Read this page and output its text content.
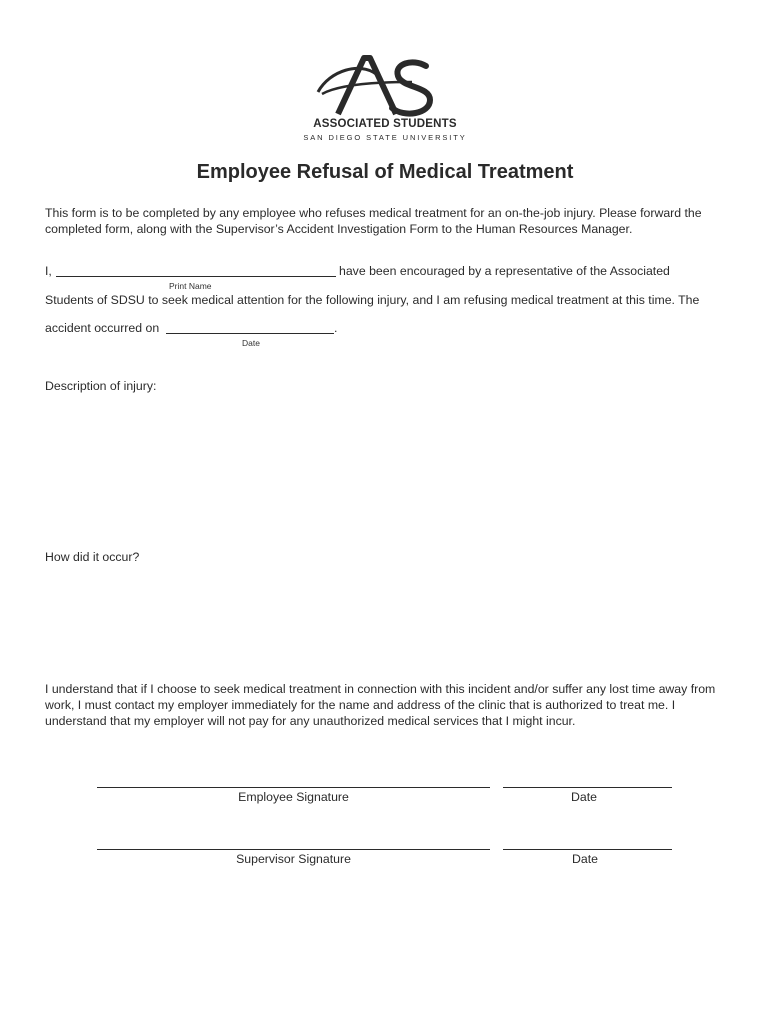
ASSOCIATED STUDENTS
SAN DIEGO STATE UNIVERSITY
Employee Refusal of Medical Treatment
This form is to be completed by any employee who refuses medical treatment for an on-the-job injury. Please forward the completed form, along with the Supervisor’s Accident Investigation Form to the Human Resources Manager.
I,	have been encouraged by a representative of the Associated
Print Name
Students of SDSU to seek medical attention for the following injury, and I am refusing medical treatment at this time. The
accident occurred on	.
Date
Description of injury:
How did it occur?
I understand that if I choose to seek medical treatment in connection with this incident and/or suffer any lost time away from work, I must contact my employer immediately for the name and address of the clinic that is authorized to treat me. I understand that my employer will not pay for any unauthorized medical services that I might incur.
Employee Signature	Date
Supervisor Signature	Date
